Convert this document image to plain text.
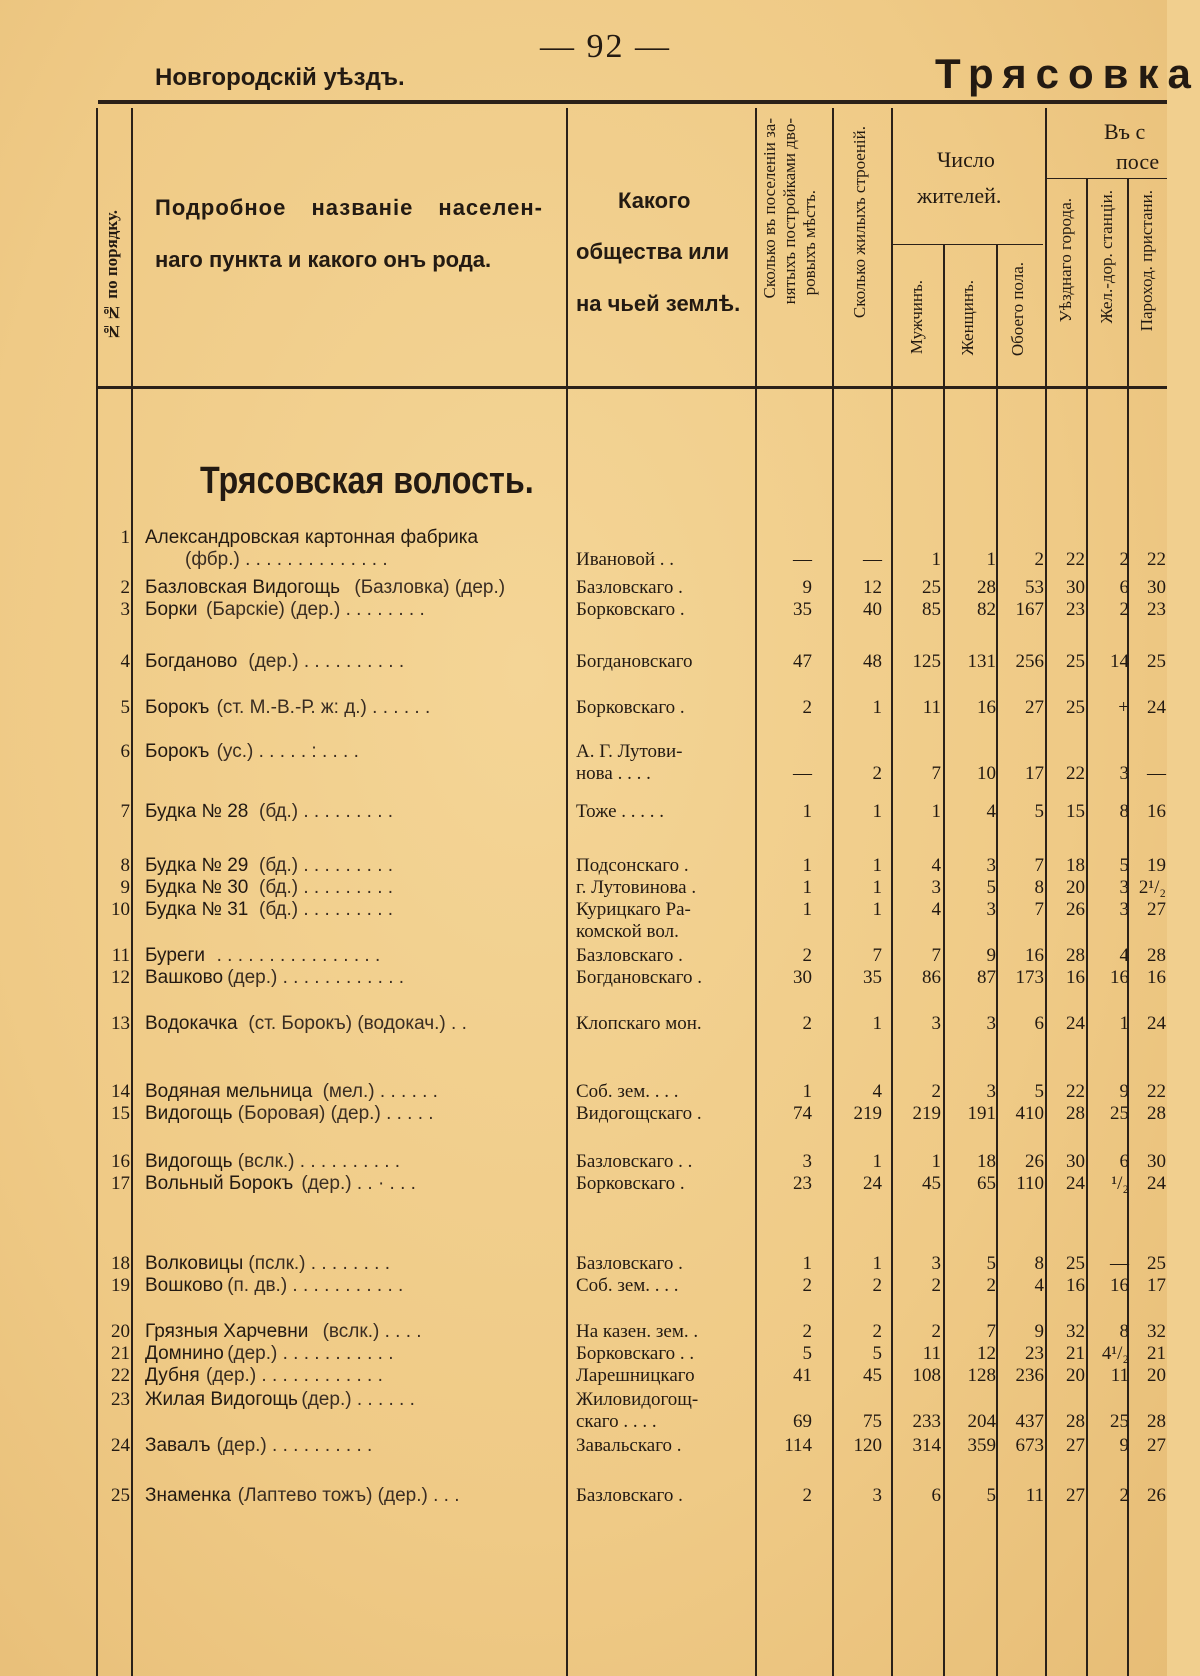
— 92 —
Новгородскій уѣздъ.	Трясовка
№№ по порядку.
Подробное названіе населен-
наго пункта и какого онъ рода.
Какого
общества или
на чьей землѣ.
Сколько въ поселеніи за- нятыхъ постройками дво- ровыхъ мѣстъ. Сколько жилыхъ строеній.	Число
жителей.
Мужчинъ. Женщинъ. Обоего пола.
Въ с
посе
Уѣзднаго города. Жел.-дор. станціи. Пароход. пристани.
Трясовская волость.
1 Александровская картонная фабрика
(фбр.) . . . . . . . . . . . . . .	Ивановой . .	—	—	1	1	2	22	2 22
2 Базловская Видогощь (Базловка) (дер.)	Базловскаго .	9	12	25	28	53	30	6 30
3 Борки (Барскіе) (дер.) . . . . . . . .	Борковскаго .	35	40	85	82	167	23	2 23
4 Богданово (дер.) . . . . . . . . . .	Богдановскаго	47	48	125	131	256	25	14 25
5 Борокъ (ст. М.-В.-Р. ж: д.) . . . . . .	Борковскаго .	2	1	11	16	27	25	+ 24
6 Борокъ (ус.) . . . . . : . . . .	А. Г. Лутови-
нова . . . .	—	2	7	10	17	22	3 —
7 Будка № 28 (бд.) . . . . . . . . .	Тоже . . . . .	1	1	1	4	5	15	8 16
8 Будка № 29 (бд.) . . . . . . . . .	Подсонскаго .	1	1	4	3	7	18	5 19
9 Будка № 30 (бд.) . . . . . . . . .	г. Лутовинова .	1	1	3	5	8	20	3 2¹/₂
10 Будка № 31 (бд.) . . . . . . . . .	Курицкаго Ра-
комской вол.
1	1	4	3	7	26	3 27
11 Буреги . . . . . . . . . . . . . . . .	Базловскаго .	2	7	7	9	16	28	4 28
12 Вашково (дер.) . . . . . . . . . . . .	Богдановскаго .	30	35	86	87	173	16	16 16
13 Водокачка (ст. Борокъ) (водокач.) . .	Клопскаго мон.	2	1	3	3	6	24	1 24
14 Водяная мельница (мел.) . . . . . .	Соб. зем. . . .	1	4	2	3	5	22	9 22
15 Видогощь (Боровая) (дер.) . . . . .	Видогощскаго .	74	219	219	191	410	28	25 28
16 Видогощь (вслк.) . . . . . . . . . .	Базловскаго . .	3	1	1	18	26	30	6 30
17 Вольный Борокъ (дер.) . . · . . .	Борковскаго .	23	24	45	65	110	24	¹/₂ 24
18 Волковицы (пслк.) . . . . . . . .	Базловскаго .	1	1	3	5	8	25	— 25
19 Вошково (п. дв.) . . . . . . . . . . .	Соб. зем. . . .	2	2	2	2	4	16	16 17
20 Грязныя Харчевни (вслк.) . . . .	На казен. зем. .	2	2	2	7	9	32	8 32
21 Домнино (дер.) . . . . . . . . . . .	Борковскаго . .	5	5	11	12	23	21 4¹/₂ 21
22 Дубня (дер.) . . . . . . . . . . . .	Ларешницкаго	41	45	108	128	236	20	11 20
23 Жилая Видогощь (дер.) . . . . . .	Жиловидогощ-
скаго . . . .	69	75	233	204	437	28	25 28
24 Завалъ (дер.) . . . . . . . . . .	Завальскаго .	114	120	314	359	673	27	9 27
25 Знаменка (Лаптево тожъ) (дер.) . . .	Базловскаго .	2	3	6	5	11	27	2 26
